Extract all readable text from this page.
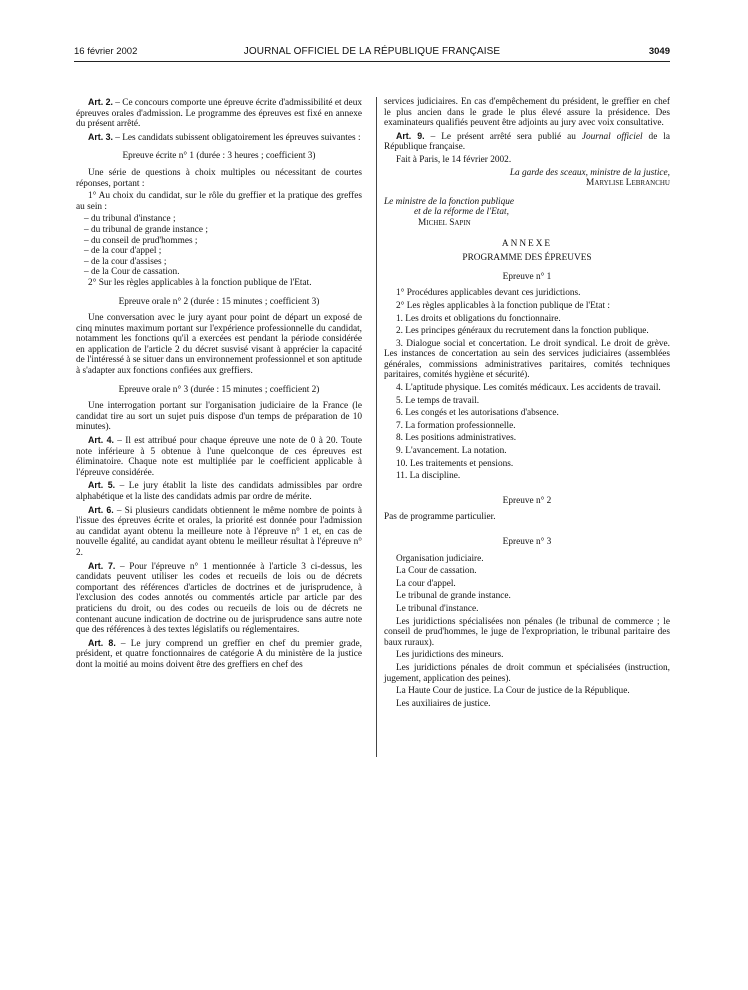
16 février 2002	JOURNAL OFFICIEL DE LA RÉPUBLIQUE FRANÇAISE	3049

Art. 2. – Ce concours comporte une épreuve écrite d'admissibilité et deux épreuves orales d'admission. Le programme des épreuves est fixé en annexe du présent arrêté.

Art. 3. – Les candidats subissent obligatoirement les épreuves suivantes :

Epreuve écrite n° 1 (durée : 3 heures ; coefficient 3)

Une série de questions à choix multiples ou nécessitant de courtes réponses, portant :

1° Au choix du candidat, sur le rôle du greffier et la pratique des greffes au sein :

– du tribunal d'instance ;

– du tribunal de grande instance ;

– du conseil de prud'hommes ;

– de la cour d'appel ;

– de la cour d'assises ;

– de la Cour de cassation.

2° Sur les règles applicables à la fonction publique de l'Etat.

Epreuve orale n° 2 (durée : 15 minutes ; coefficient 3)

Une conversation avec le jury ayant pour point de départ un exposé de cinq minutes maximum portant sur l'expérience professionnelle du candidat, notamment les fonctions qu'il a exercées est pendant la période considérée en application de l'article 2 du décret susvisé visant à apprécier la capacité de l'intéressé à se situer dans un environnement professionnel et son aptitude à s'adapter aux fonctions confiées aux greffiers.

Epreuve orale n° 3 (durée : 15 minutes ; coefficient 2)

Une interrogation portant sur l'organisation judiciaire de la France (le candidat tire au sort un sujet puis dispose d'un temps de préparation de 10 minutes).

Art. 4. – Il est attribué pour chaque épreuve une note de 0 à 20. Toute note inférieure à 5 obtenue à l'une quelconque de ces épreuves est éliminatoire. Chaque note est multipliée par le coefficient applicable à l'épreuve considérée.

Art. 5. – Le jury établit la liste des candidats admissibles par ordre alphabétique et la liste des candidats admis par ordre de mérite.

Art. 6. – Si plusieurs candidats obtiennent le même nombre de points à l'issue des épreuves écrite et orales, la priorité est donnée pour l'admission au candidat ayant obtenu la meilleure note à l'épreuve n° 1 et, en cas de nouvelle égalité, au candidat ayant obtenu le meilleur résultat à l'épreuve n° 2.

Art. 7. – Pour l'épreuve n° 1 mentionnée à l'article 3 ci-dessus, les candidats peuvent utiliser les codes et recueils de lois ou de décrets comportant des références d'articles de doctrines et de jurisprudence, à l'exclusion des codes annotés ou commentés article par article par des praticiens du droit, ou des codes ou recueils de lois ou de décrets ne contenant aucune indication de doctrine ou de jurisprudence sans autre note que des références à des textes législatifs ou réglementaires.

Art. 8. – Le jury comprend un greffier en chef du premier grade, président, et quatre fonctionnaires de catégorie A du ministère de la justice dont la moitié au moins doivent être des greffiers en chef des

services judiciaires. En cas d'empêchement du président, le greffier en chef le plus ancien dans le grade le plus élevé assure la présidence. Des examinateurs qualifiés peuvent être adjoints au jury avec voix consultative.

Art. 9. – Le présent arrêté sera publié au Journal officiel de la République française.

Fait à Paris, le 14 février 2002.

La garde des sceaux, ministre de la justice,

Marylise Lebranchu

Le ministre de la fonction publique

et de la réforme de l'Etat,

Michel Sapin

ANNEXE

PROGRAMME DES ÉPREUVES

Epreuve n° 1

1° Procédures applicables devant ces juridictions.

2° Les règles applicables à la fonction publique de l'Etat :

1. Les droits et obligations du fonctionnaire.

2. Les principes généraux du recrutement dans la fonction publique.

3. Dialogue social et concertation. Le droit syndical. Le droit de grève. Les instances de concertation au sein des services judiciaires (assemblées générales, commissions administratives paritaires, comités techniques paritaires, comités hygiène et sécurité).

4. L'aptitude physique. Les comités médicaux. Les accidents de travail.

5. Le temps de travail.

6. Les congés et les autorisations d'absence.

7. La formation professionnelle.

8. Les positions administratives.

9. L'avancement. La notation.

10. Les traitements et pensions.

11. La discipline.

Epreuve n° 2

Pas de programme particulier.

Epreuve n° 3

Organisation judiciaire.

La Cour de cassation.

La cour d'appel.

Le tribunal de grande instance.

Le tribunal d'instance.

Les juridictions spécialisées non pénales (le tribunal de commerce ; le conseil de prud'hommes, le juge de l'expropriation, le tribunal paritaire des baux ruraux).

Les juridictions des mineurs.

Les juridictions pénales de droit commun et spécialisées (instruction, jugement, application des peines).

La Haute Cour de justice. La Cour de justice de la République.

Les auxiliaires de justice.
